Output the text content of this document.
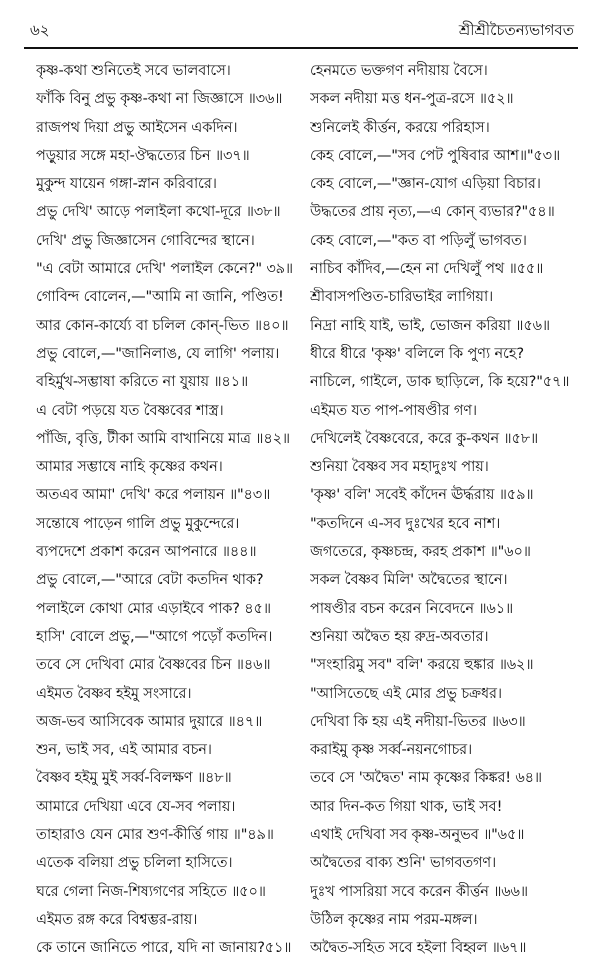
৬২	শ্রীশ্রীচৈতন্যভাগবত
কৃষ্ণ-কথা শুনিতেই সবে ভালবাসে।
ফাঁকি বিনু প্রভু কৃষ্ণ-কথা না জিজ্ঞাসে ॥৩৬॥
রাজপথ দিয়া প্রভু আইসেন একদিন।
পড়ুয়ার সঙ্গে মহা-ঔদ্ধত্যের চিন ॥৩৭॥
মুকুন্দ যায়েন গঙ্গা-স্নান করিবারে।
প্রভু দেখি' আড়ে পলাইলা কথো-দূরে ॥৩৮॥
দেখি' প্রভু জিজ্ঞাসেন গোবিন্দের স্থানে।
"এ বেটা আমারে দেখি' পলাইল কেনে?" ৩৯॥
গোবিন্দ বোলেন,—"আমি না জানি, পণ্ডিত!
আর কোন-কার্য্যে বা চলিল কোন্-ভিত ॥৪০॥
প্রভু বোলে,—"জানিলাঙ, যে লাগি' পলায়।
বহির্মুখ-সম্ভাষা করিতে না যুয়ায় ॥৪১॥
এ বেটা পড়য়ে যত বৈষ্ণবের শাস্ত্র।
পাঁজি, বৃত্তি, টীকা আমি বাখানিয়ে মাত্র ॥৪২॥
আমার সম্ভাষে নাহি কৃষ্ণের কথন।
অতএব আমা' দেখি' করে পলায়ন ॥"৪৩॥
সন্তোষে পাড়েন গালি প্রভু মুকুন্দেরে।
ব্যপদেশে প্রকাশ করেন আপনারে ॥৪৪॥
প্রভু বোলে,—"আরে বেটা কতদিন থাক?
পলাইলে কোথা মোর এড়াইবে পাক? ৪৫॥
হাসি' বোলে প্রভু,—"আগে পড়োঁ কতদিন।
তবে সে দেখিবা মোর বৈষ্ণবের চিন ॥৪৬॥
এইমত বৈষ্ণব হইমু সংসারে।
অজ-ভব আসিবেক আমার দুয়ারে ॥৪৭॥
শুন, ভাই সব, এই আমার বচন।
বৈষ্ণব হইমু মুই সর্ব্ব-বিলক্ষণ ॥৪৮॥
আমারে দেখিয়া এবে যে-সব পলায়।
তাহারাও যেন মোর শুণ-কীর্ত্তি গায় ॥"৪৯॥
এতেক বলিয়া প্রভু চলিলা হাসিতে।
ঘরে গেলা নিজ-শিষ্যগণের সহিতে ॥৫০॥
এইমত রঙ্গ করে বিশ্বম্ভর-রায়।
কে তানে জানিতে পারে, যদি না জানায়?৫১॥
হেনমতে ভক্তগণ নদীয়ায় বৈসে।
সকল নদীয়া মত্ত ধন-পুত্র-রসে ॥৫২॥
শুনিলেই কীর্ত্তন, করয়ে পরিহাস।
কেহ বোলে,—"সব পেট পুষিবার আশ॥"৫৩॥
কেহ বোলে,—"জ্ঞান-যোগ এড়িয়া বিচার।
উদ্ধতের প্রায় নৃত্য,—এ কোন্ ব্যভার?"৫৪॥
কেহ বোলে,—"কত বা পড়িলুঁ ভাগবত।
নাচিব কাঁদিব,—হেন না দেখিলুঁ পথ ॥৫৫॥
শ্রীবাসপণ্ডিত-চারিভাইর লাগিয়া।
নিদ্রা নাহি যাই, ভাই, ভোজন করিয়া ॥৫৬॥
ধীরে ধীরে 'কৃষ্ণ' বলিলে কি পুণ্য নহে?
নাচিলে, গাইলে, ডাক ছাড়িলে, কি হয়ে?"৫৭॥
এইমত যত পাপ-পাষণ্ডীর গণ।
দেখিলেই বৈষ্ণবেরে, করে কু-কথন ॥৫৮॥
শুনিয়া বৈষ্ণব সব মহাদুঃখ পায়।
'কৃষ্ণ' বলি' সবেই কাঁদেন ঊর্দ্ধরায় ॥৫৯॥
"কতদিনে এ-সব দুঃখের হবে নাশ।
জগতেরে, কৃষ্ণচন্দ্র, করহ প্রকাশ ॥"৬০॥
সকল বৈষ্ণব মিলি' অদ্বৈতের স্থানে।
পাষণ্ডীর বচন করেন নিবেদনে ॥৬১॥
শুনিয়া অদ্বৈত হয় রুদ্র-অবতার।
"সংহারিমু সব" বলি' করয়ে হুঙ্কার ॥৬২॥
"আসিতেছে এই মোর প্রভু চক্রধর।
দেখিবা কি হয় এই নদীয়া-ভিতর ॥৬৩॥
করাইমু কৃষ্ণ সর্ব্ব-নয়নগোচর।
তবে সে 'অদ্বৈত' নাম কৃষ্ণের কিঙ্কর! ৬৪॥
আর দিন-কত গিয়া থাক, ভাই সব!
এথাই দেখিবা সব কৃষ্ণ-অনুভব ॥"৬৫॥
অদ্বৈতের বাক্য শুনি' ভাগবতগণ।
দুঃখ পাসরিয়া সবে করেন কীর্ত্তন ॥৬৬॥
উঠিল কৃষ্ণের নাম পরম-মঙ্গল।
অদ্বৈত-সহিত সবে হইলা বিহ্বল ॥৬৭॥
